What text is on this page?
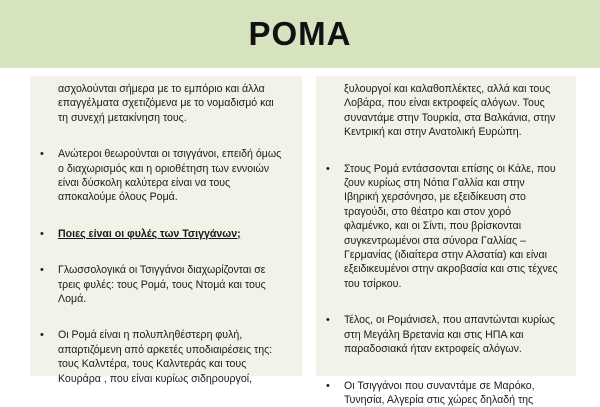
ΡΟΜΑ
ασχολούνται σήμερα με το εμπόριο και άλλα επαγγέλματα σχετιζόμενα με το νομαδισμό και τη συνεχή μετακίνηση τους.
• Ανώτεροι θεωρούνται οι τσιγγάνοι, επειδή όμως ο διαχωρισμός και η οριοθέτηση των εννοιών είναι δύσκολη καλύτερα είναι να τους αποκαλούμε όλους Ρομά.
• Ποιες είναι οι φυλές των Τσιγγάνων;
• Γλωσσολογικά οι Τσιγγάνοι διαχωρίζονται σε τρεις φυλές: τους Ρομά, τους Ντομά και τους Λομά.
• Οι Ρομά είναι η πολυπληθέστερη φυλή, απαρτιζόμενη από αρκετές υποδιαιρέσεις της: τους Καλντέρα, τους Καλντεράς και τους Κουράρα , που είναι κυρίως σιδηρουργοί,
ξυλουργοί και καλαθοπλέκτες, αλλά και τους Λοβάρα, που είναι εκτροφείς αλόγων. Τους συναντάμε στην Τουρκία, στα Βαλκάνια, στην Κεντρική και στην Ανατολική Ευρώπη.
• Στους Ρομά εντάσσονται επίσης οι Κάλε, που ζουν κυρίως στη Νότια Γαλλία και στην Ιβηρική χερσόνησο, με εξειδίκευση στο τραγούδι, στο θέατρο και στον χορό φλαμένκο, και οι Σίντι, που βρίσκονται συγκεντρωμένοι στα σύνορα Γαλλίας – Γερμανίας (ιδιαίτερα στην Αλσατία) και είναι εξειδικευμένοι στην ακροβασία και στις τέχνες του τσίρκου.
• Τέλος, οι Ρομάνισελ, που απαντώνται κυρίως στη Μεγάλη Βρετανία και στις ΗΠΑ και παραδοσιακά ήταν εκτροφείς αλόγων.
• Οι Τσιγγάνοι που συναντάμε σε Μαρόκο, Τυνησία, Αλγερία στις χώρες δηλαδή της
